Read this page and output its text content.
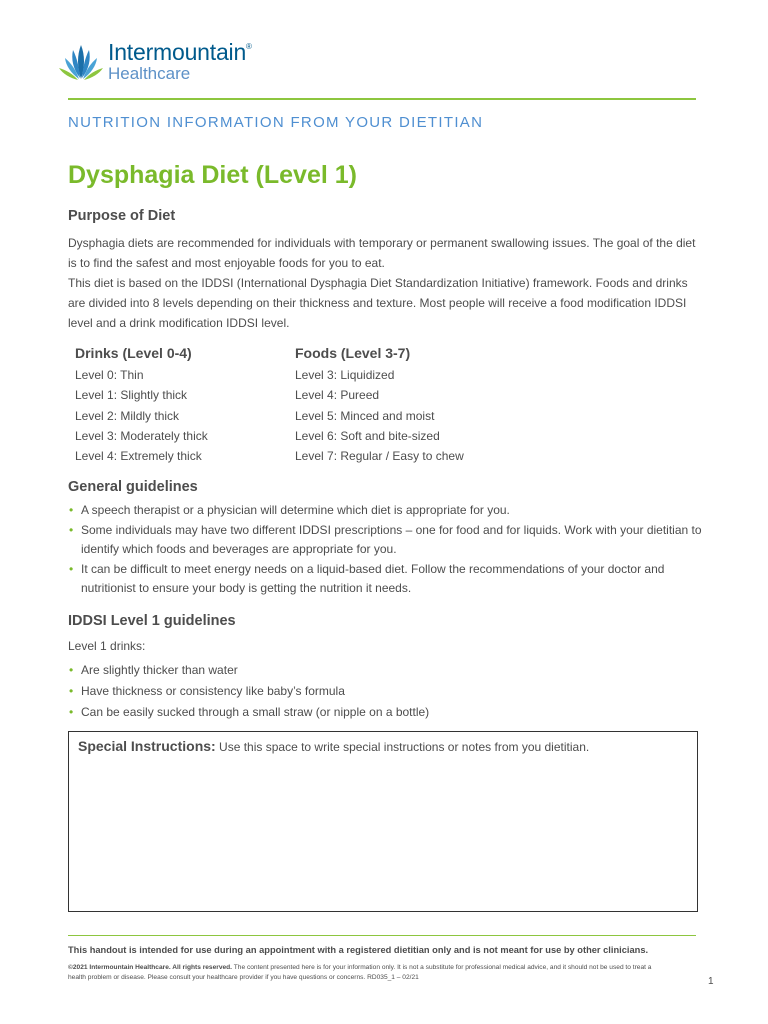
Intermountain®
Healthcare
NUTRITION INFORMATION FROM YOUR DIETITIAN
Dysphagia Diet (Level 1)
Purpose of Diet

Dysphagia diets are recommended for individuals with temporary or permanent swallowing issues. The goal of the diet is to find the safest and most enjoyable foods for you to eat.

This diet is based on the IDDSI (International Dysphagia Diet Standardization Initiative) framework. Foods and drinks are divided into 8 levels depending on their thickness and texture. Most people will receive a food modification IDDSI level and a drink modification IDDSI level.

Drinks (Level 0-4)
Level 0: Thin
Level 1: Slightly thick
Level 2: Mildly thick
Level 3: Moderately thick
Level 4: Extremely thick
Foods (Level 3-7)
Level 3: Liquidized
Level 4: Pureed
Level 5: Minced and moist
Level 6: Soft and bite-sized
Level 7: Regular / Easy to chew
General guidelines
• A speech therapist or a physician will determine which diet is appropriate for you.
• Some individuals may have two different IDDSI prescriptions – one for food and for liquids. Work with your dietitian to identify which foods and beverages are appropriate for you.
• It can be difficult to meet energy needs on a liquid-based diet. Follow the recommendations of your doctor and nutritionist to ensure your body is getting the nutrition it needs.
IDDSI Level 1 guidelines

Level 1 drinks:

• Are slightly thicker than water
• Have thickness or consistency like baby’s formula
• Can be easily sucked through a small straw (or nipple on a bottle)
Special Instructions: Use this space to write special instructions or notes from you dietitian.
This handout is intended for use during an appointment with a registered dietitian only and is not meant for use by other clinicians.
©2021 Intermountain Healthcare. All rights reserved. The content presented here is for your information only. It is not a substitute for professional medical advice, and it should not be used to treat a health problem or disease. Please consult your healthcare provider if you have questions or concerns. RD035_1 – 02/21	1
